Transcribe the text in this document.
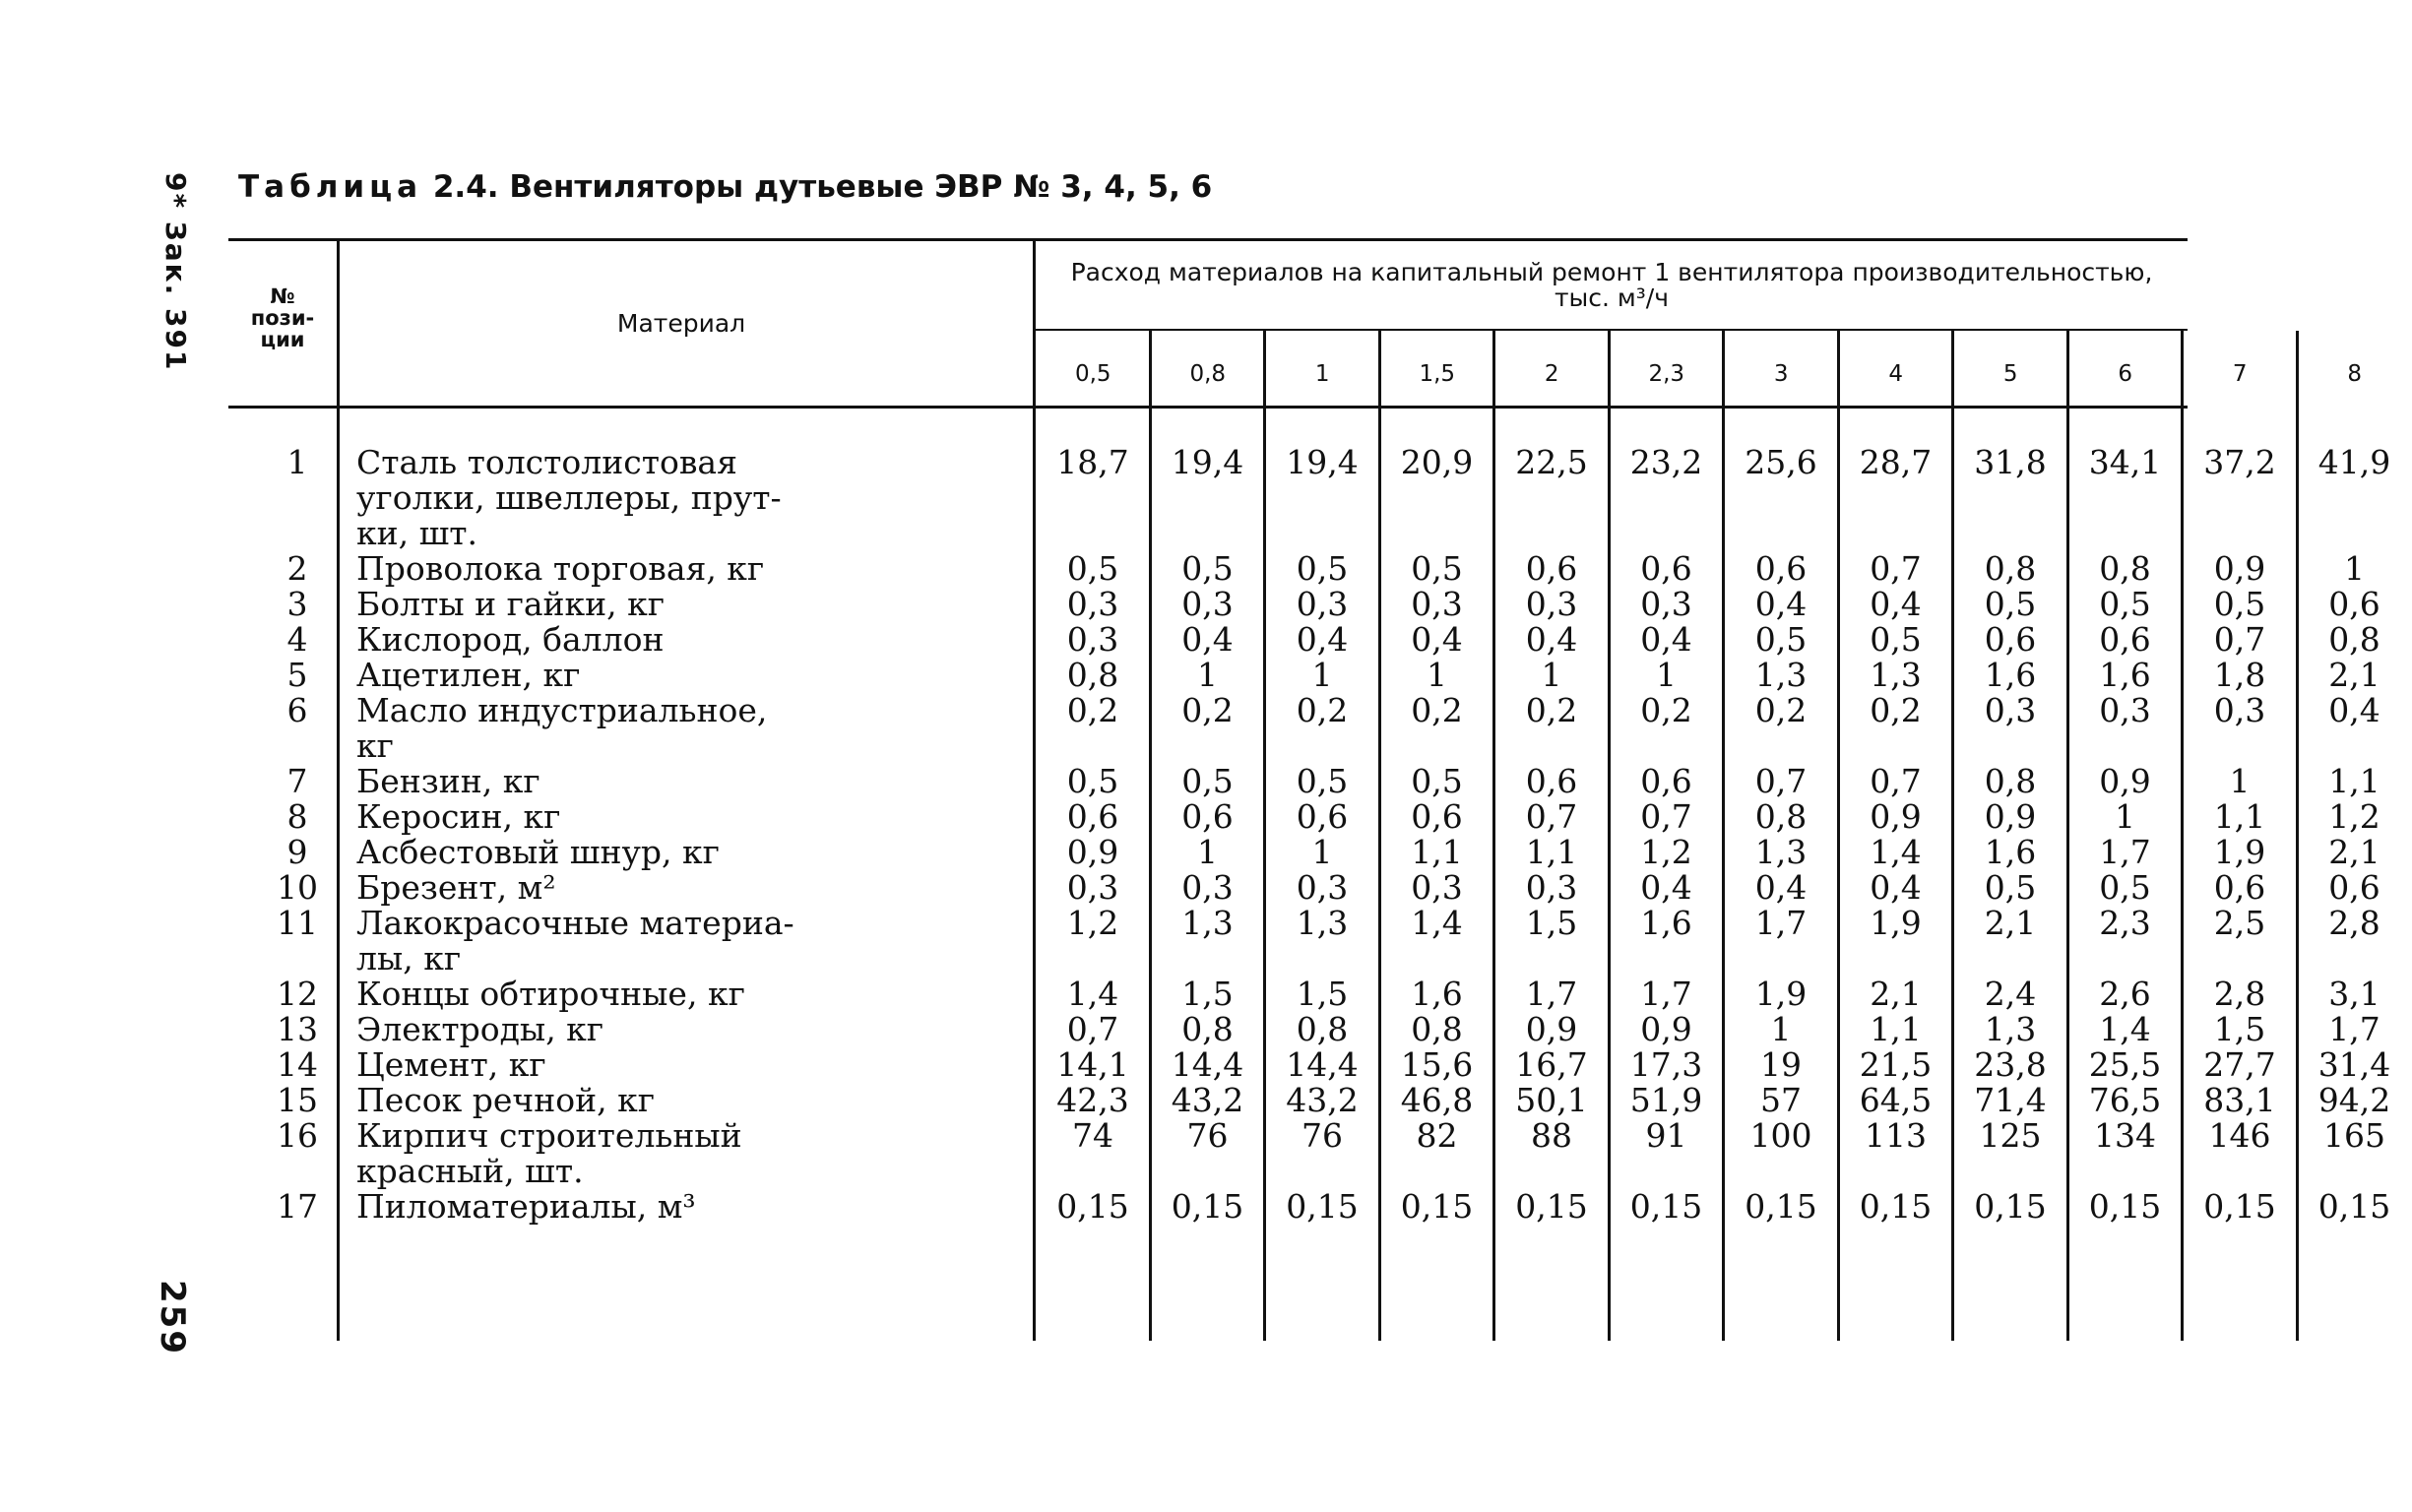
9* Зак. 391
259
Таблица 2.4. Вентиляторы дутьевые ЭВР № 3, 4, 5, 6
№
пози-
ции
Материал
Расход материалов на капитальный ремонт 1 вентилятора производительностью,
тыс. м³/ч
0,5	0,8	1	1,5	2	2,3	3	4	5	6	7	8
1	Сталь толстолистовая
уголки, швеллеры, прут-
ки, шт.
18,7	19,4	19,4	20,9	22,5	23,2	25,6	28,7	31,8	34,1	37,2	41,9
2	Проволока торговая, кг	0,5	0,5	0,5	0,5	0,6	0,6	0,6	0,7	0,8	0,8	0,9	1
3	Болты и гайки, кг	0,3	0,3	0,3	0,3	0,3	0,3	0,4	0,4	0,5	0,5	0,5	0,6
4	Кислород, баллон	0,3	0,4	0,4	0,4	0,4	0,4	0,5	0,5	0,6	0,6	0,7	0,8
5	Ацетилен, кг	0,8	1	1	1	1	1	1,3	1,3	1,6	1,6	1,8	2,1
6	Масло индустриальное,
кг
0,2	0,2	0,2	0,2	0,2	0,2	0,2	0,2	0,3	0,3	0,3	0,4
7	Бензин, кг	0,5	0,5	0,5	0,5	0,6	0,6	0,7	0,7	0,8	0,9	1	1,1
8	Керосин, кг	0,6	0,6	0,6	0,6	0,7	0,7	0,8	0,9	0,9	1	1,1	1,2
9	Асбестовый шнур, кг	0,9	1	1	1,1	1,1	1,2	1,3	1,4	1,6	1,7	1,9	2,1
10	Брезент, м²	0,3	0,3	0,3	0,3	0,3	0,4	0,4	0,4	0,5	0,5	0,6	0,6
11	Лакокрасочные материа-
лы, кг
1,2	1,3	1,3	1,4	1,5	1,6	1,7	1,9	2,1	2,3	2,5	2,8
12	Концы обтирочные, кг	1,4	1,5	1,5	1,6	1,7	1,7	1,9	2,1	2,4	2,6	2,8	3,1
13	Электроды, кг	0,7	0,8	0,8	0,8	0,9	0,9	1	1,1	1,3	1,4	1,5	1,7
14	Цемент, кг	14,1	14,4	14,4	15,6	16,7	17,3	19	21,5	23,8	25,5	27,7	31,4
15	Песок речной, кг	42,3	43,2	43,2	46,8	50,1	51,9	57	64,5	71,4	76,5	83,1	94,2
16	Кирпич строительный
красный, шт.
74	76	76	82	88	91	100	113	125	134	146	165
17	Пиломатериалы, м³	0,15	0,15	0,15	0,15	0,15	0,15	0,15	0,15	0,15	0,15	0,15	0,15
